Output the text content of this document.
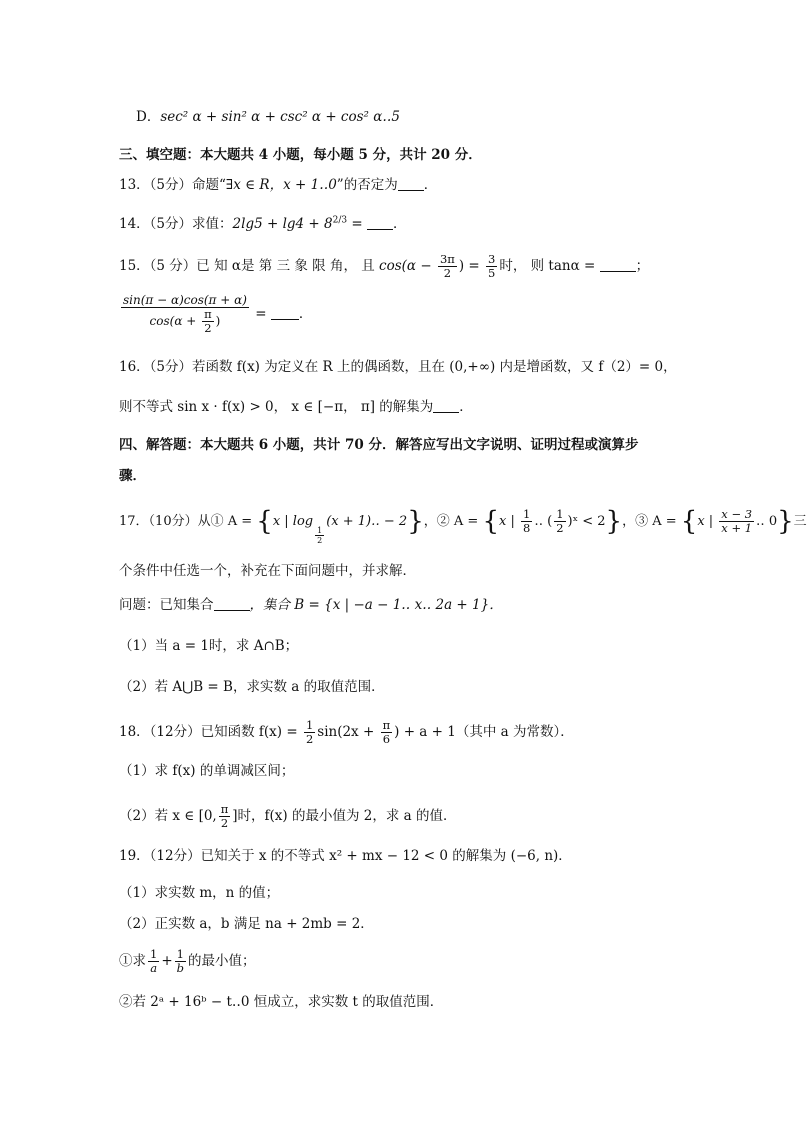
D．sec² α + sin² α + csc² α + cos² α‥5
三、填空题：本大题共 4 小题，每小题 5 分，共计 20 分．
13．（5分）命题“∃x ∈ R，x + 1‥0”的否定为 ．
14．（5分）求值：$2\lg 5 + \lg 4 + 8^{2/3}$ = ．
15．（5 分）已 知 α是 第 三 象 限 角， 且 $\cos(\alpha - \frac{3\pi}{2}$ ) = $\frac{3}{5}$ 时， 则 tanα =	；
$\frac{\sin(\pi - \alpha)\cos(\pi + \alpha)}{\cos(\alpha + \frac{\pi}{2} )}$ = ．
16．（5分）若函数 f(x) 为定义在 R 上的偶函数，且在 (0,+∞) 内是增函数，又 f（2）= 0，
则不等式 sin x · f(x) > 0， x ∈ [−π， π] 的解集为 ．
四、解答题：本大题共 6 小题，共计 70 分．解答应写出文字说明、证明过程或演算步
骤．
17．（10分）从① A = {x | log
$\frac{1}{2}$
(x + 1)‥ − 2}，② A = {x | $\frac{1}{8}$ ‥ ( $\frac{1}{2}$ )ˣ < 2}，③ A = {x | $\frac{x - 3}{x + 1}$ ‥ 0}三
个条件中任选一个，补充在下面问题中，并求解．
问题：已知集合	，集合 B = {x | −a − 1‥ x‥ 2a + 1}．
（1）当 a = 1时，求 A∩B；
（2）若 A⋃B = B，求实数 a 的取值范围．
18．（12分）已知函数 $f(x) = \frac{1}{2} \sin(2x + \frac{\pi}{6}$ ) + a + 1（其中 a 为常数）．
（1）求 f(x) 的单调减区间；
（2）若 x ∈ [0, $\frac{\pi}{2}$ ]时，f(x) 的最小值为 2，求 a 的值．
19．（12分）已知关于 x 的不等式 x² + mx − 12 < 0 的解集为 (−6, n)．
（1）求实数 m，n 的值；
（2）正实数 a，b 满足 na + 2mb = 2．
①求 $\frac{1}{a} + \frac{1}{b}$ 的最小值；
②若 2ᵃ + 16ᵇ − t‥0 恒成立，求实数 t 的取值范围．
